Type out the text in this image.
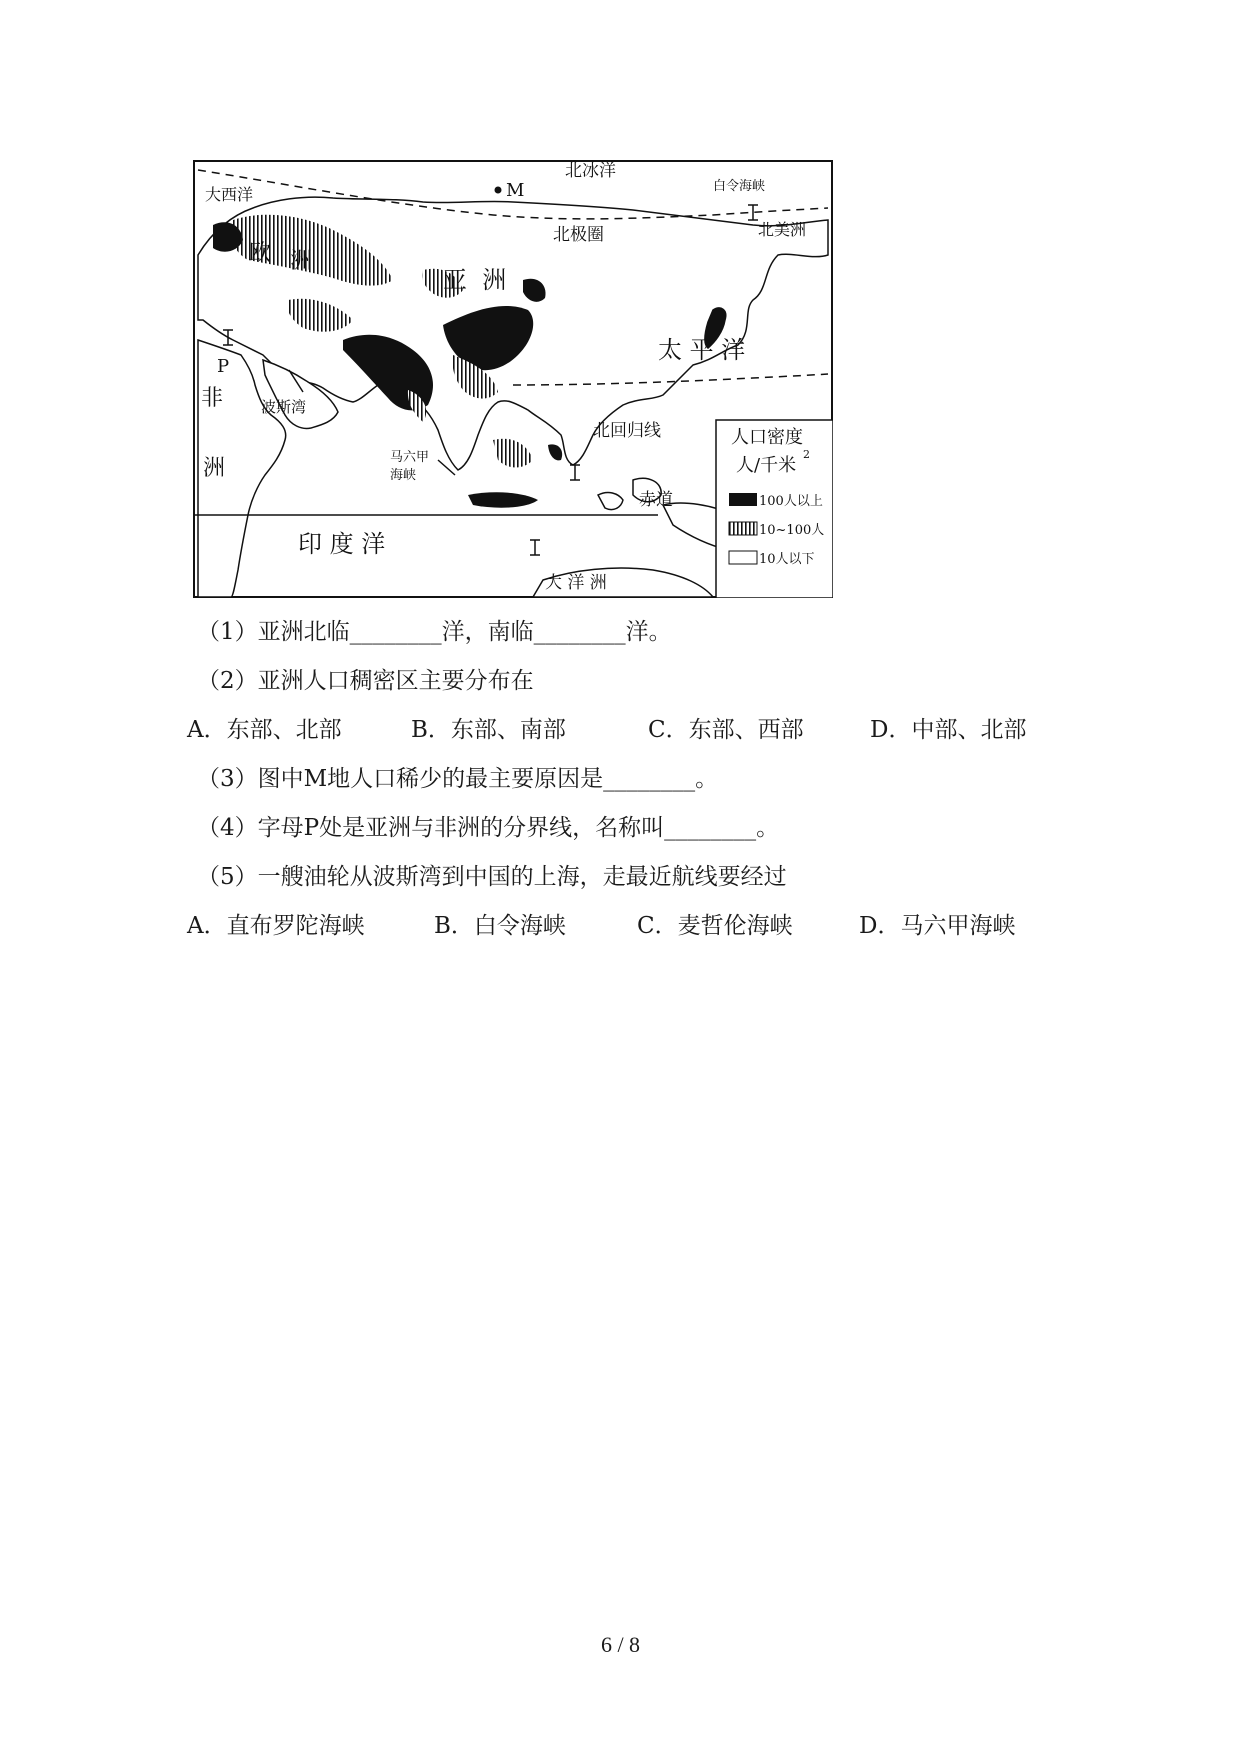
大西洋
北冰洋
M	白令海峡
北美洲
北极圈
欧 洲
亚  洲
太 平 洋
P
非
洲
波斯湾
北回归线
马六甲
海峡
赤道
印 度 洋
大 洋 洲
人口密度
人/千米
2
100人以上
10~100人
10人以下
（1）亚洲北临________洋，南临________洋。
（2）亚洲人口稠密区主要分布在
A．东部、北部	B．东部、南部	C．东部、西部	D．中部、北部
（3）图中M地人口稀少的最主要原因是________。
（4）字母P处是亚洲与非洲的分界线，名称叫________。
（5）一艘油轮从波斯湾到中国的上海，走最近航线要经过
A．直布罗陀海峡	B．白令海峡	C．麦哲伦海峡	D．马六甲海峡
6 / 8
